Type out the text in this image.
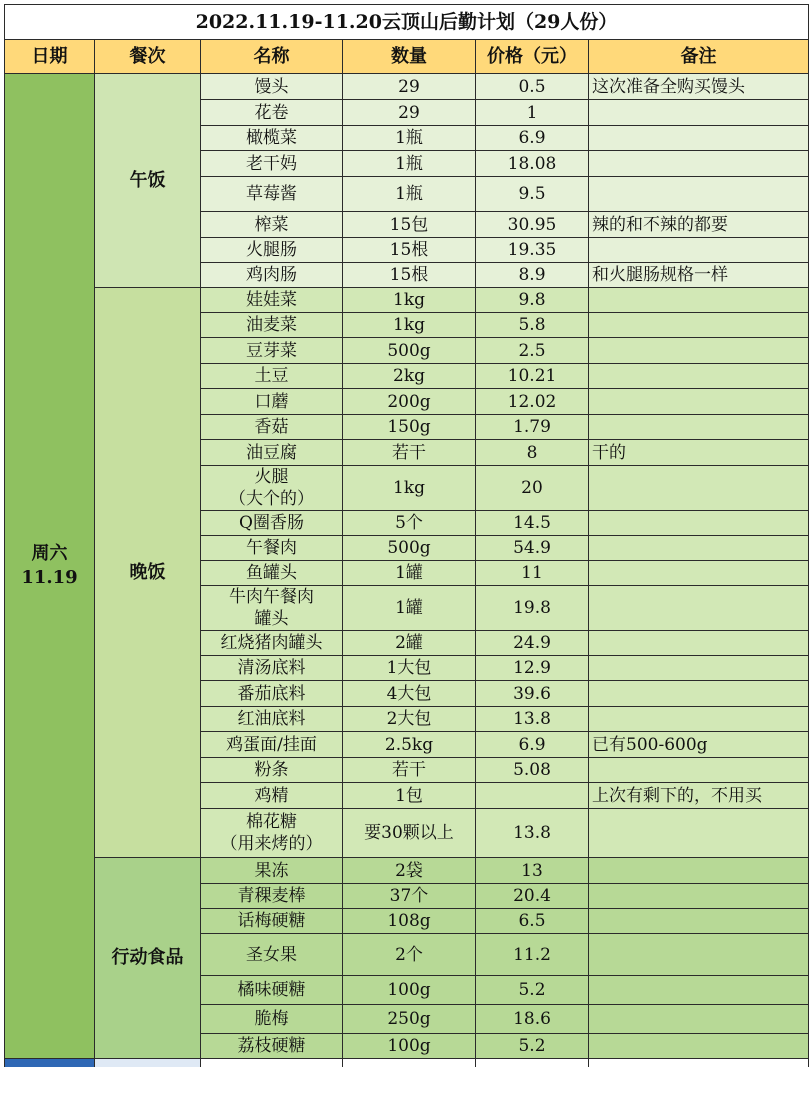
2022.11.19-11.20云顶山后勤计划（29人份）					
日期	餐次	名称	数量	价格（元）	备注
周六
11.19	午饭	馒头	29	0.5	这次准备全购买馒头
		花卷	29	1	
		橄榄菜	1瓶	6.9	
		老干妈	1瓶	18.08	
		草莓酱	1瓶	9.5	
		榨菜	15包	30.95	辣的和不辣的都要
		火腿肠	15根	19.35	
		鸡肉肠	15根	8.9	和火腿肠规格一样
	晚饭	娃娃菜	1kg	9.8	
		油麦菜	1kg	5.8	
		豆芽菜	500g	2.5	
		土豆	2kg	10.21	
		口蘑	200g	12.02	
		香菇	150g	1.79	
		油豆腐	若干	8	干的
		火腿
（大个的）	1kg	20	
		Q圈香肠	5个	14.5	
		午餐肉	500g	54.9	
		鱼罐头	1罐	11	
		牛肉午餐肉
罐头	1罐	19.8	
		红烧猪肉罐头	2罐	24.9	
		清汤底料	1大包	12.9	
		番茄底料	4大包	39.6	
		红油底料	2大包	13.8	
		鸡蛋面/挂面	2.5kg	6.9	已有500-600g
		粉条	若干	5.08	
		鸡精	1包		上次有剩下的，不用买
		棉花糖
（用来烤的）	要30颗以上	13.8	
	行动食品	果冻	2袋	13	
		青稞麦棒	37个	20.4	
		话梅硬糖	108g	6.5	
		圣女果	2个	11.2	
		橘味硬糖	100g	5.2	
		脆梅	250g	18.6	
		荔枝硬糖	100g	5.2	
